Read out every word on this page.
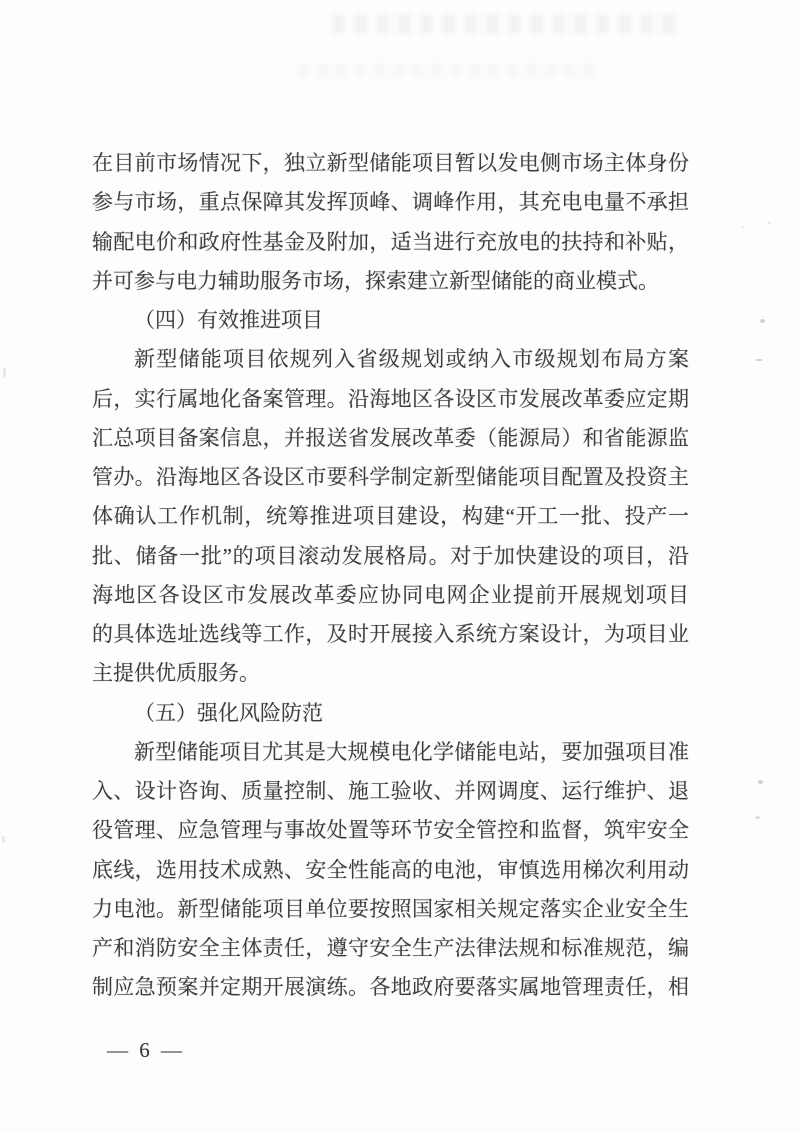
在目前市场情况下，独立新型储能项目暂以发电侧市场主体身份
参与市场，重点保障其发挥顶峰、调峰作用，其充电电量不承担
输配电价和政府性基金及附加，适当进行充放电的扶持和补贴，
并可参与电力辅助服务市场，探索建立新型储能的商业模式。
（四）有效推进项目
新型储能项目依规列入省级规划或纳入市级规划布局方案
后，实行属地化备案管理。沿海地区各设区市发展改革委应定期
汇总项目备案信息，并报送省发展改革委（能源局）和省能源监
管办。沿海地区各设区市要科学制定新型储能项目配置及投资主
体确认工作机制，统筹推进项目建设，构建“开工一批、投产一
批、储备一批”的项目滚动发展格局。对于加快建设的项目，沿
海地区各设区市发展改革委应协同电网企业提前开展规划项目
的具体选址选线等工作，及时开展接入系统方案设计，为项目业
主提供优质服务。
（五）强化风险防范
新型储能项目尤其是大规模电化学储能电站，要加强项目准
入、设计咨询、质量控制、施工验收、并网调度、运行维护、退
役管理、应急管理与事故处置等环节安全管控和监督，筑牢安全
底线，选用技术成熟、安全性能高的电池，审慎选用梯次利用动
力电池。新型储能项目单位要按照国家相关规定落实企业安全生
产和消防安全主体责任，遵守安全生产法律法规和标准规范，编
制应急预案并定期开展演练。各地政府要落实属地管理责任，相
— 6 —
